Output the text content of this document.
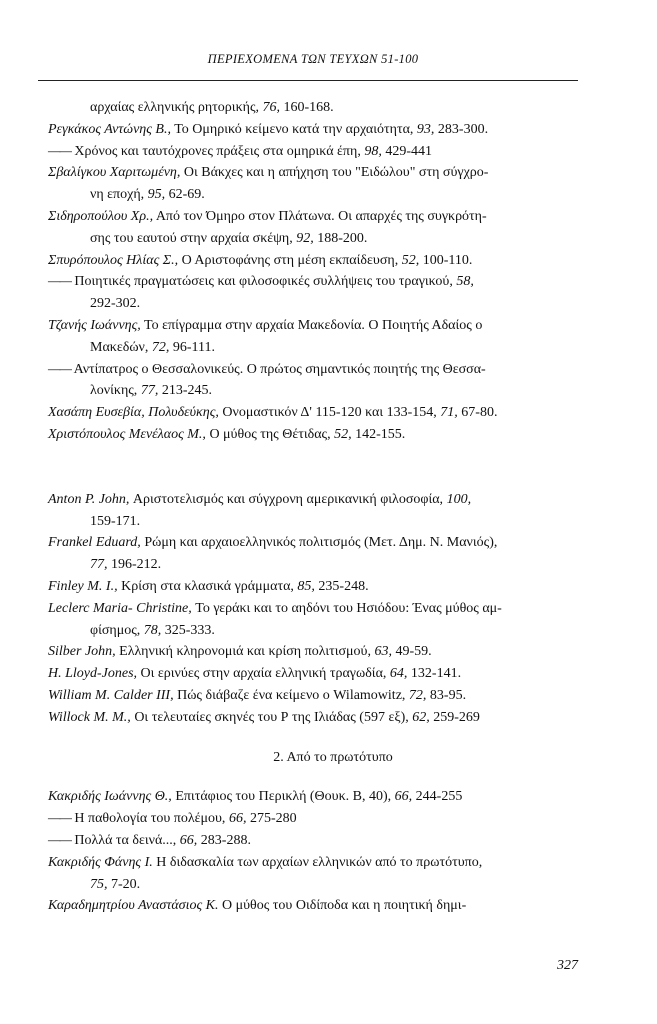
ΠΕΡΙΕΧΟΜΕΝΑ ΤΩΝ ΤΕΥΧΩΝ 51-100
αρχαίας ελληνικής ρητορικής, 76, 160-168.
Ρεγκάκος Αντώνης Β., Το Ομηρικό κείμενο κατά την αρχαιότητα, 93, 283-300.
—— Χρόνος και ταυτόχρονες πράξεις στα ομηρικά έπη, 98, 429-441
Σβαλίγκου Χαριτωμένη, Οι Βάκχες και η απήχηση του "Ειδώλου" στη σύγχρο-
νη εποχή, 95, 62-69.
Σιδηροπούλου Χρ., Από τον Όμηρο στον Πλάτωνα. Οι απαρχές της συγκρότη-
σης του εαυτού στην αρχαία σκέψη, 92, 188-200.
Σπυρόπουλος Ηλίας Σ., Ο Αριστοφάνης στη μέση εκπαίδευση, 52, 100-110.
—— Ποιητικές πραγματώσεις και φιλοσοφικές συλλήψεις του τραγικού, 58,
292-302.
Τζανής Ιωάννης, Το επίγραμμα στην αρχαία Μακεδονία. Ο Ποιητής Αδαίος ο
Μακεδών, 72, 96-111.
—— Αντίπατρος ο Θεσσαλονικεύς. Ο πρώτος σημαντικός ποιητής της Θεσσα-
λονίκης, 77, 213-245.
Χασάπη Ευσεβία, Πολυδεύκης, Ονομαστικόν Δ' 115-120 και 133-154, 71, 67-80.
Χριστόπουλος Μενέλαος Μ., Ο μύθος της Θέτιδας, 52, 142-155.
Anton P. John, Αριστοτελισμός και σύγχρονη αμερικανική φιλοσοφία, 100,
159-171.
Frankel Eduard, Ρώμη και αρχαιοελληνικός πολιτισμός (Μετ. Δημ. Ν. Μανιός),
77, 196-212.
Finley M. I., Κρίση στα κλασικά γράμματα, 85, 235-248.
Leclerc Maria- Christine, Το γεράκι και το αηδόνι του Ησιόδου: Ένας μύθος αμ-
φίσημος, 78, 325-333.
Silber John, Ελληνική κληρονομιά και κρίση πολιτισμού, 63, 49-59.
H. Lloyd-Jones, Οι ερινύες στην αρχαία ελληνική τραγωδία, 64, 132-141.
William M. Calder III, Πώς διάβαζε ένα κείμενο ο Wilamowitz, 72, 83-95.
Willock M. M., Οι τελευταίες σκηνές του Ρ της Ιλιάδας (597 εξ), 62, 259-269
2. Από το πρωτότυπο
Κακριδής Ιωάννης Θ., Επιτάφιος του Περικλή (Θουκ. Β, 40), 66, 244-255
—— Η παθολογία του πολέμου, 66, 275-280
—— Πολλά τα δεινά..., 66, 283-288.
Κακριδής Φάνης Ι. Η διδασκαλία των αρχαίων ελληνικών από το πρωτότυπο,
75, 7-20.
Καραδημητρίου Αναστάσιος Κ. Ο μύθος του Οιδίποδα και η ποιητική δημι-
327
